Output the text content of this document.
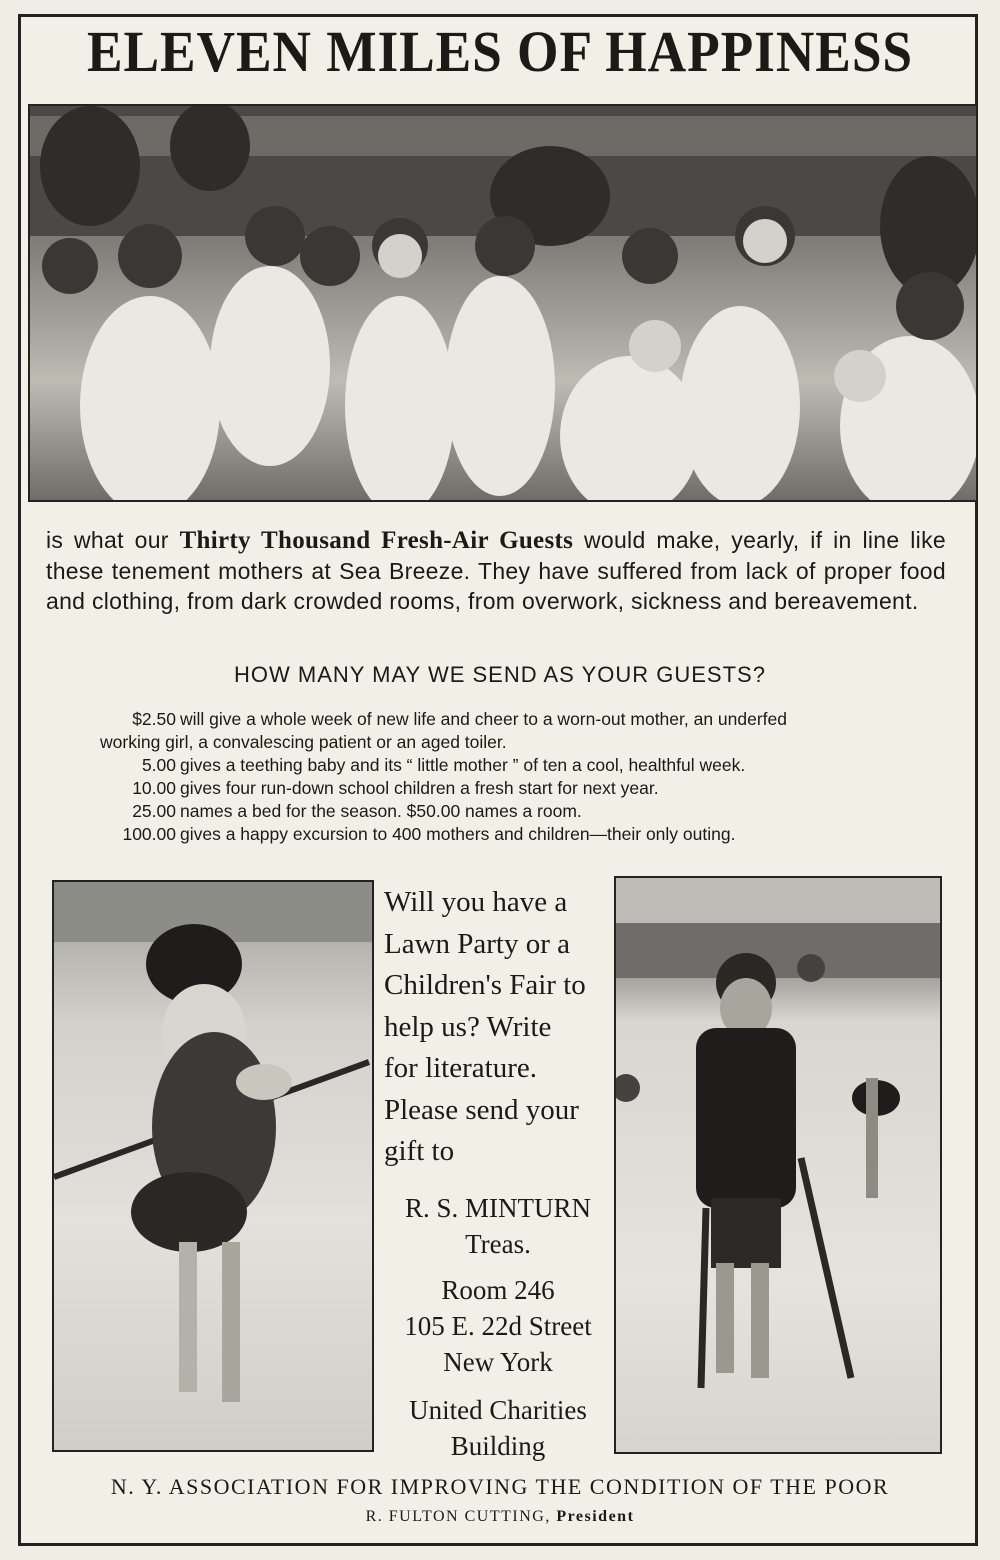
ELEVEN MILES OF HAPPINESS
is what our Thirty Thousand Fresh-Air Guests would make, yearly, if in line like these tenement mothers at Sea Breeze. They have suffered from lack of proper food and clothing, from dark crowded rooms, from overwork, sickness and bereavement.
HOW MANY MAY WE SEND AS YOUR GUESTS?
$2.50 will give a whole week of new life and cheer to a worn-out mother, an underfed
working girl, a convalescing patient or an aged toiler.
5.00 gives a teething baby and its “ little mother ” of ten a cool, healthful week.
10.00 gives four run-down school children a fresh start for next year.
25.00 names a bed for the season. $50.00 names a room.
100.00 gives a happy excursion to 400 mothers and children—their only outing.
Will you have a
Lawn Party or a
Children's Fair to
help us? Write
for literature.
Please send your
gift to
R. S. MINTURN
Treas.
Room 246
105 E. 22d Street
New York
United Charities
Building
N. Y. ASSOCIATION FOR IMPROVING THE CONDITION OF THE POOR
R. FULTON CUTTING, President
